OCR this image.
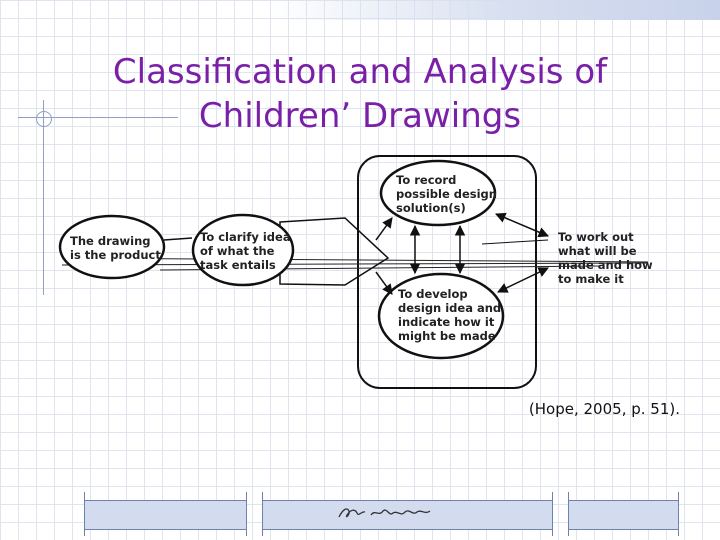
Classification and Analysis of
Children’ Drawings
The drawing
is the product
To clarify idea
of what the
task entails
To record
possible design
solution(s)
To develop
design idea and
indicate how it
might be made
To work out
what will be
made and how
to make it
(Hope, 2005, p. 51).
